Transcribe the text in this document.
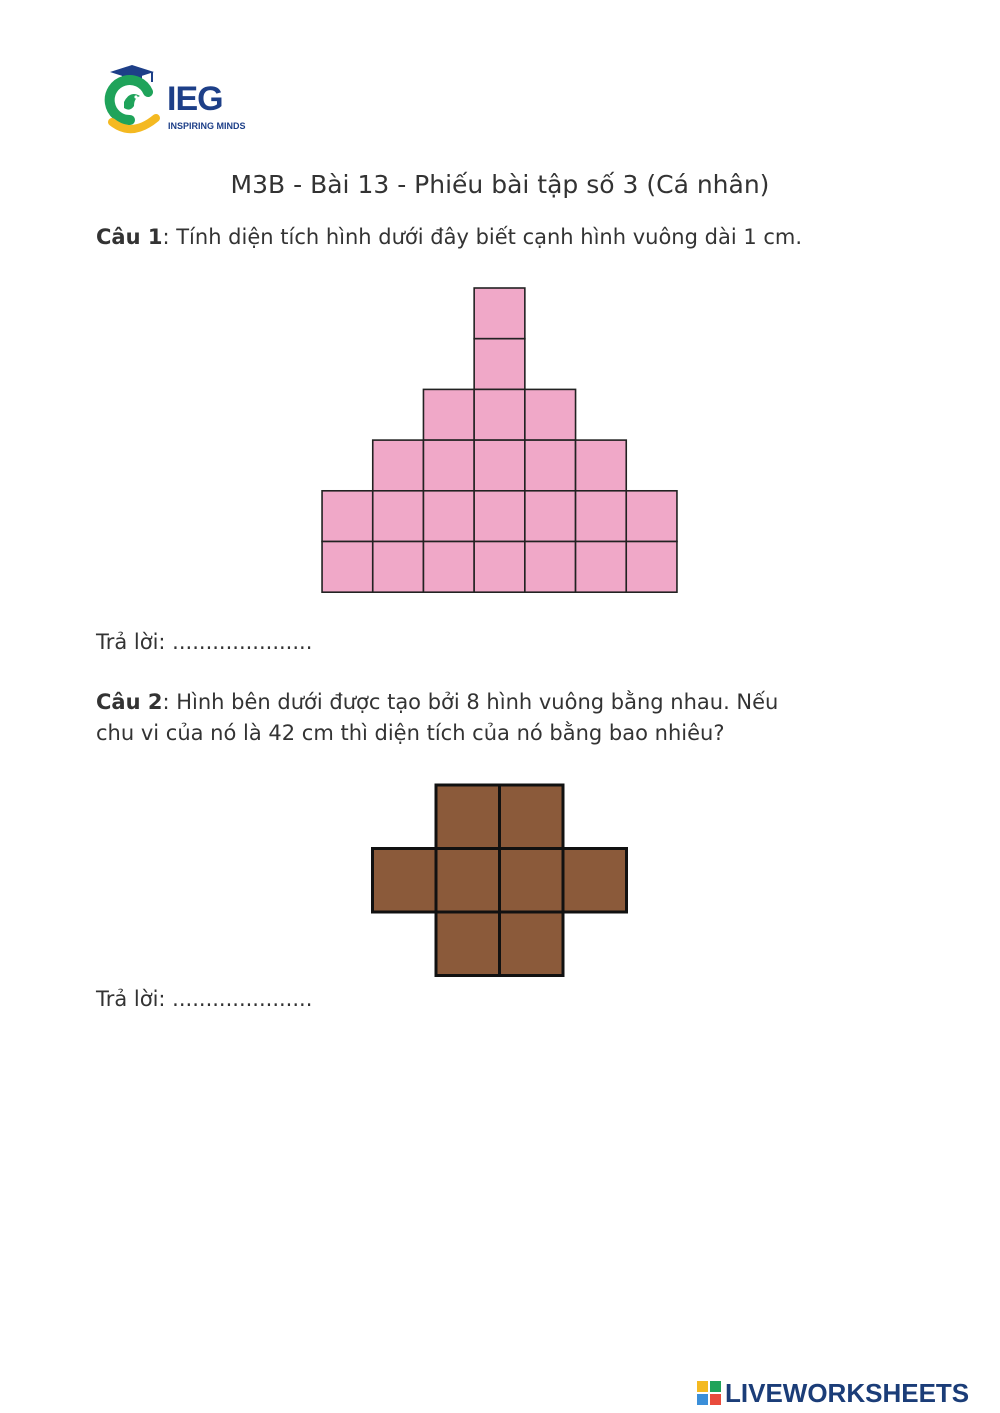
IEG
INSPIRING MINDS
M3B - Bài 13 - Phiếu bài tập số 3 (Cá nhân)
Câu 1: Tính diện tích hình dưới đây biết cạnh hình vuông dài 1 cm.
Trả lời: .....................
Câu 2: Hình bên dưới được tạo bởi 8 hình vuông bằng nhau. Nếu
chu vi của nó là 42 cm thì diện tích của nó bằng bao nhiêu?
Trả lời: .....................
LIVEWORKSHEETS
